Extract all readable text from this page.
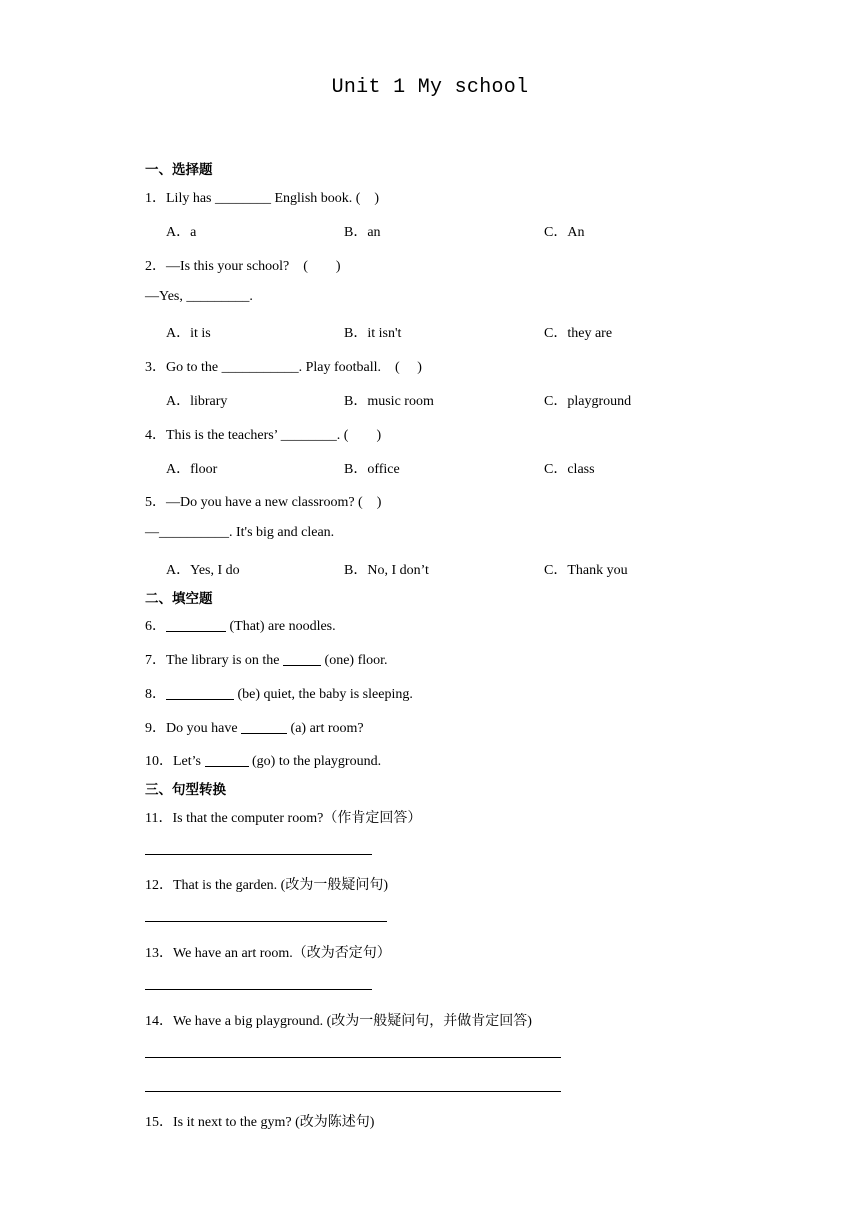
Unit 1 My school
一、选择题
1．Lily has ________ English book. (　)
A．a	B．an	C．An
2．—Is this your school?　(　　)
—Yes, _________.
A．it is	B．it isn't	C．they are
3．Go to the ___________. Play football.　(　 )
A．library	B．music room	C．playground
4．This is the teachers’ ________. (　　)
A．floor	B．office	C．class
5．—Do you have a new classroom? (　)
—__________. It's big and clean.
A．Yes, I do	B．No, I don’t	C．Thank you
二、填空题
6．	(That) are noodles.
7．The library is on the	(one) floor.
8．	(be) quiet, the baby is sleeping.
9．Do you have	(a) art room?
10．Let’s	(go) to the playground.
三、句型转换
11．Is that the computer room?（作肯定回答）
12．That is the garden. (改为一般疑问句)
13．We have an art room.（改为否定句）
14．We have a big playground. (改为一般疑问句，并做肯定回答)
15．Is it next to the gym? (改为陈述句)
